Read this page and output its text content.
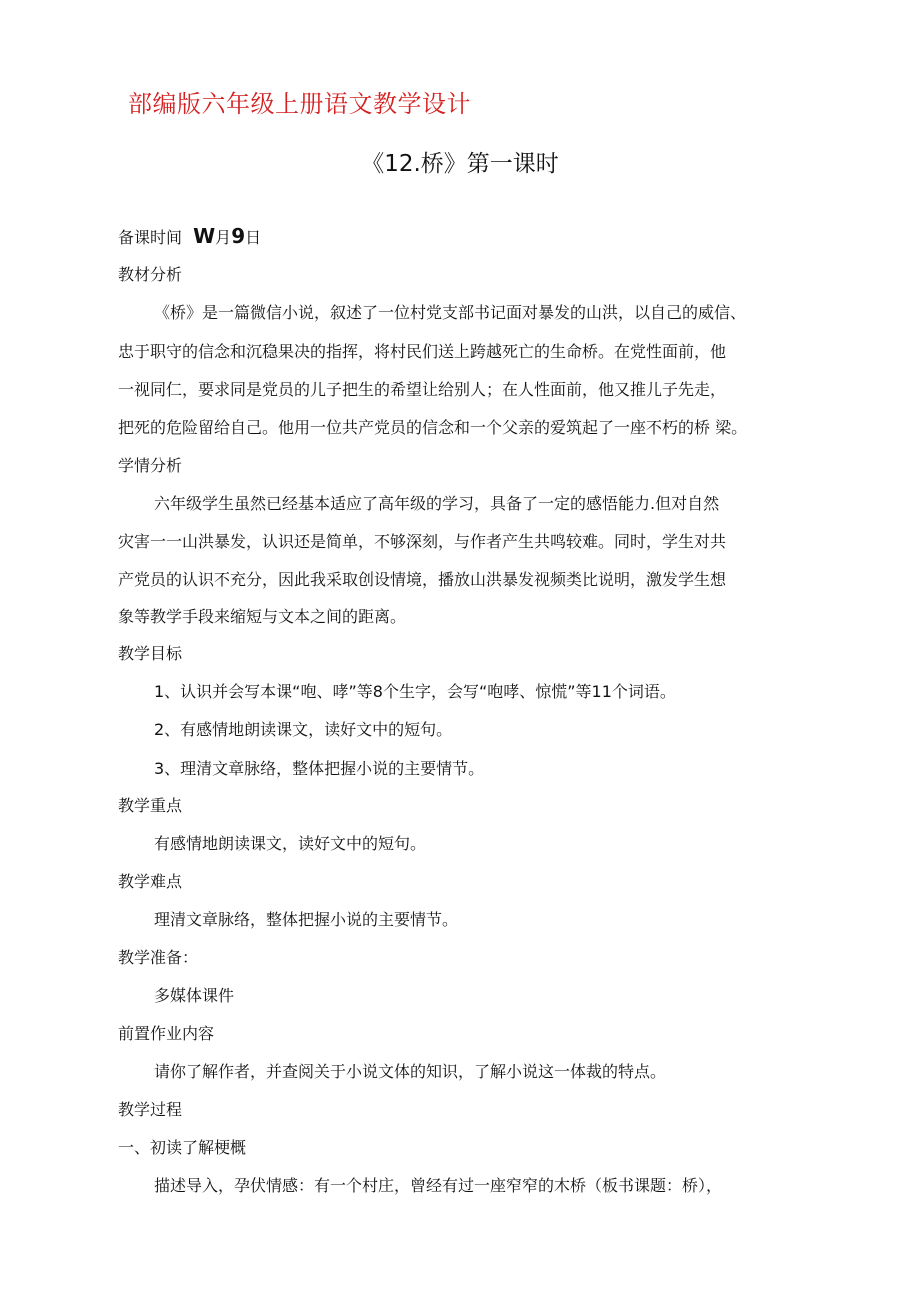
部编版六年级上册语文教学设计
《12.桥》第一课时
备课时间 W月9日
教材分析
《桥》是一篇微信小说，叙述了一位村党支部书记面对暴发的山洪，以自己的威信、
忠于职守的信念和沉稳果决的指挥，将村民们送上跨越死亡的生命桥。在党性面前，他
一视同仁，要求同是党员的儿子把生的希望让给别人；在人性面前，他又推儿子先走，
把死的危险留给自己。他用一位共产党员的信念和一个父亲的爱筑起了一座不朽的桥 梁。
学情分析
六年级学生虽然已经基本适应了高年级的学习，具备了一定的感悟能力.但对自然
灾害一一山洪暴发，认识还是简单，不够深刻，与作者产生共鸣较难。同时，学生对共
产党员的认识不充分，因此我采取创设情境，播放山洪暴发视频类比说明，激发学生想
象等教学手段来缩短与文本之间的距离。
教学目标
1、认识并会写本课“咆、哮”等8个生字，会写“咆哮、惊慌”等11个词语。
2、有感情地朗读课文，读好文中的短句。
3、理清文章脉络，整体把握小说的主要情节。
教学重点
有感情地朗读课文，读好文中的短句。
教学难点
理清文章脉络，整体把握小说的主要情节。
教学准备：
多媒体课件
前置作业内容
请你了解作者，并查阅关于小说文体的知识，了解小说这一体裁的特点。
教学过程
一、初读了解梗概
描述导入，孕伏情感：有一个村庄，曾经有过一座窄窄的木桥（板书课题：桥），
